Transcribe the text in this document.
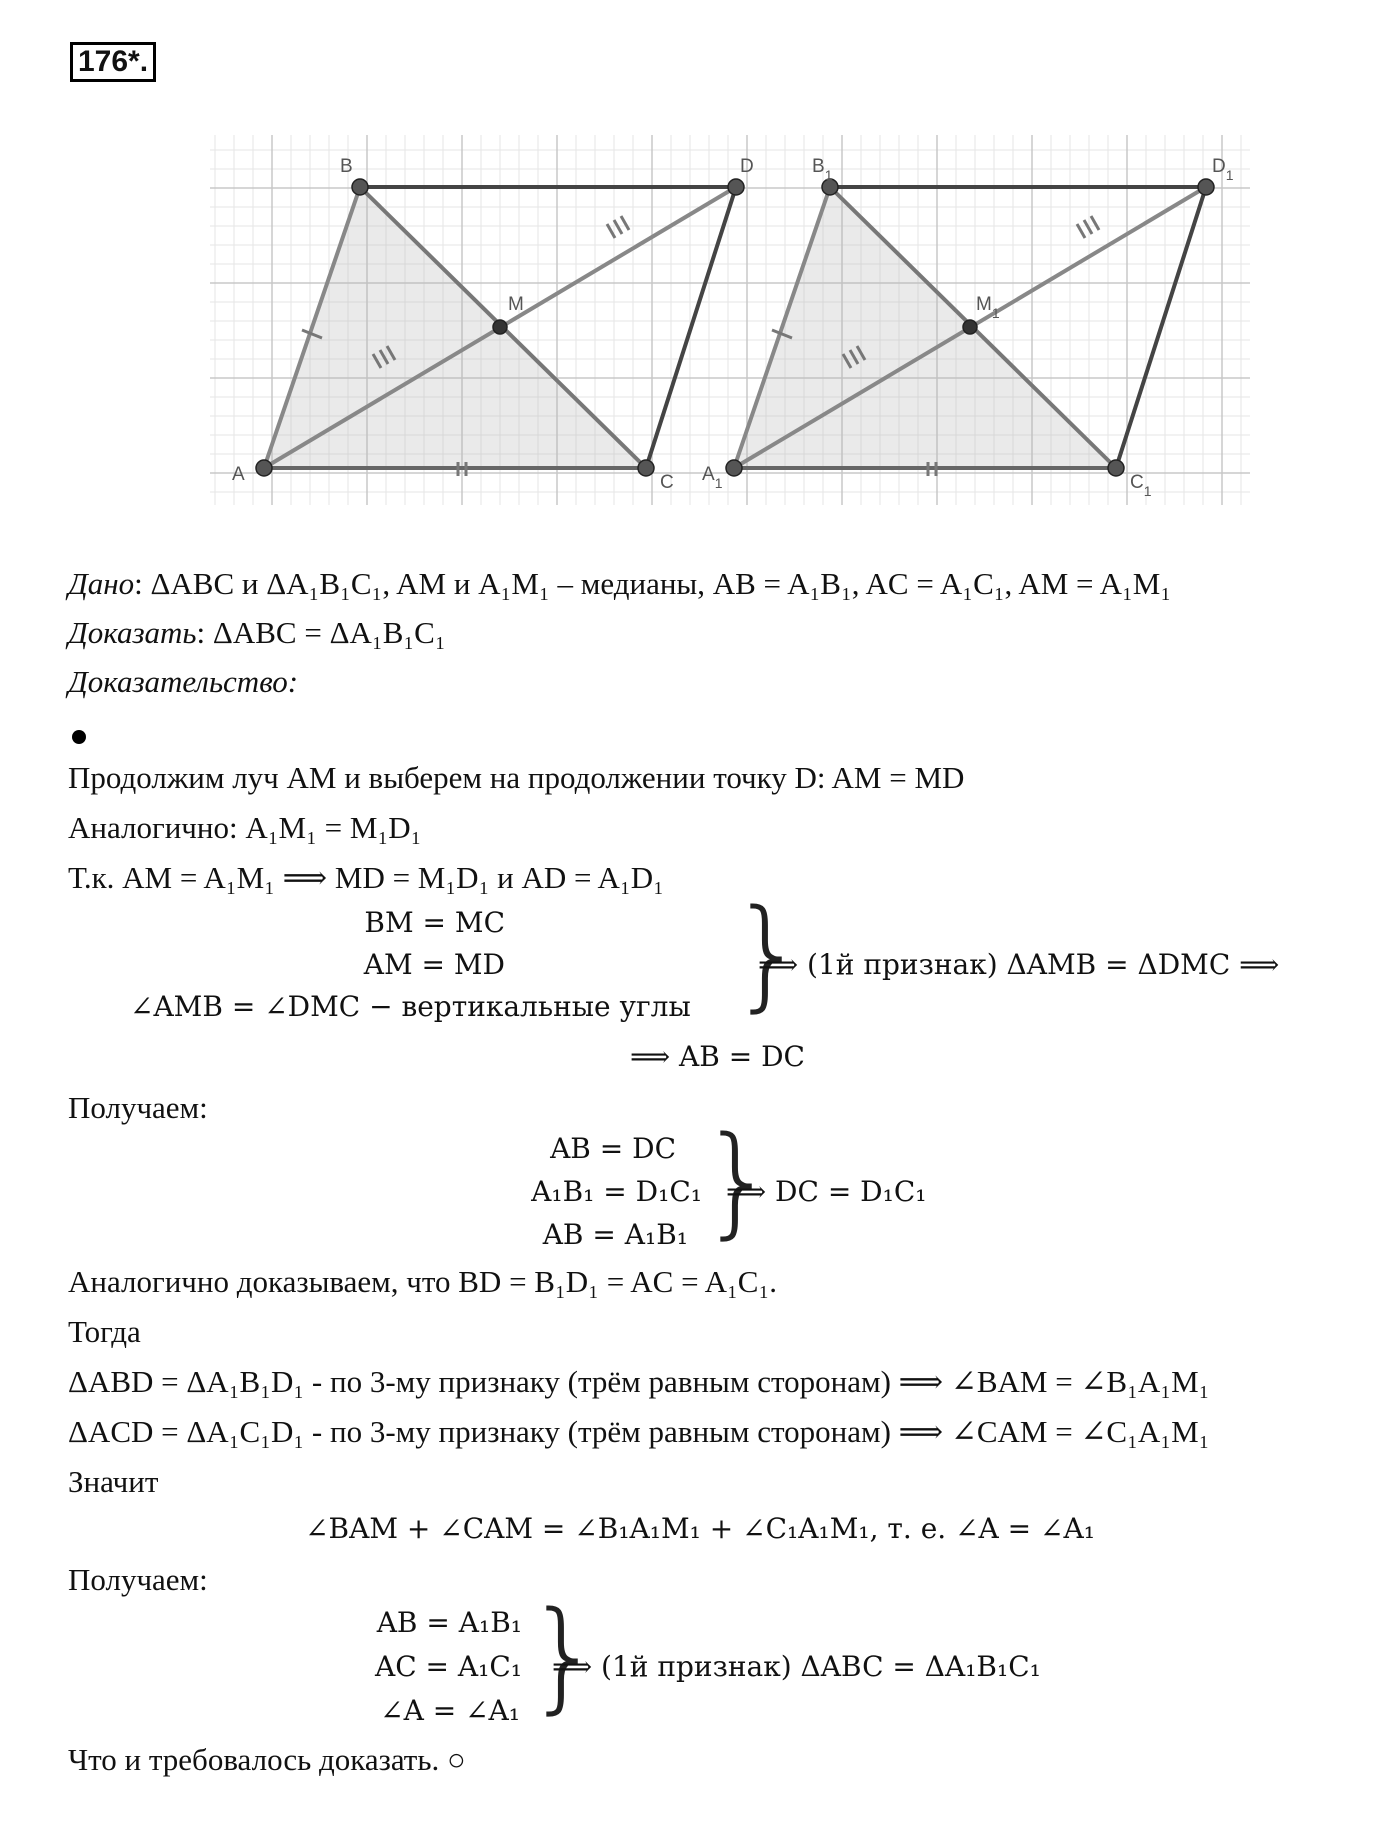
176*.
A
B
C
D
M
$A_1$
$B_1$
$C_1$
$D_1$
$M_1$
Дано: ΔABC и ΔA₁B₁C₁, AM и A₁M₁ – медианы, AB = A₁B₁, AC = A₁C₁, AM = A₁M₁
Доказать: ΔABC = ΔA₁B₁C₁
Доказательство:
Продолжим луч AM и выберем на продолжении точку D: AM = MD
Аналогично: A₁M₁ = M₁D₁
Т.к. AM = A₁M₁ ⟹ MD = M₁D₁ и AD = A₁D₁
BM = MC
AM = MD
∠AMB = ∠DMC − вертикальные углы }
⟹ (1й признак) ΔAMB = ΔDMC ⟹
⟹ AB = DC
Получаем:
AB = DC
A₁B₁ = D₁C₁
AB = A₁B₁ }
⟹ DC = D₁C₁
Аналогично доказываем, что BD = B₁D₁ = AC = A₁C₁.
Тогда
ΔABD = ΔA₁B₁D₁ - по 3-му признаку (трём равным сторонам) ⟹ ∠BAM = ∠B₁A₁M₁
ΔACD = ΔA₁C₁D₁ - по 3-му признаку (трём равным сторонам) ⟹ ∠CAM = ∠C₁A₁M₁
Значит
∠BAM + ∠CAM = ∠B₁A₁M₁ + ∠C₁A₁M₁, т. е. ∠A = ∠A₁
Получаем:
AB = A₁B₁
AC = A₁C₁
∠A = ∠A₁ }
⟹ (1й признак) ΔABC = ΔA₁B₁C₁
Что и требовалось доказать. ○
